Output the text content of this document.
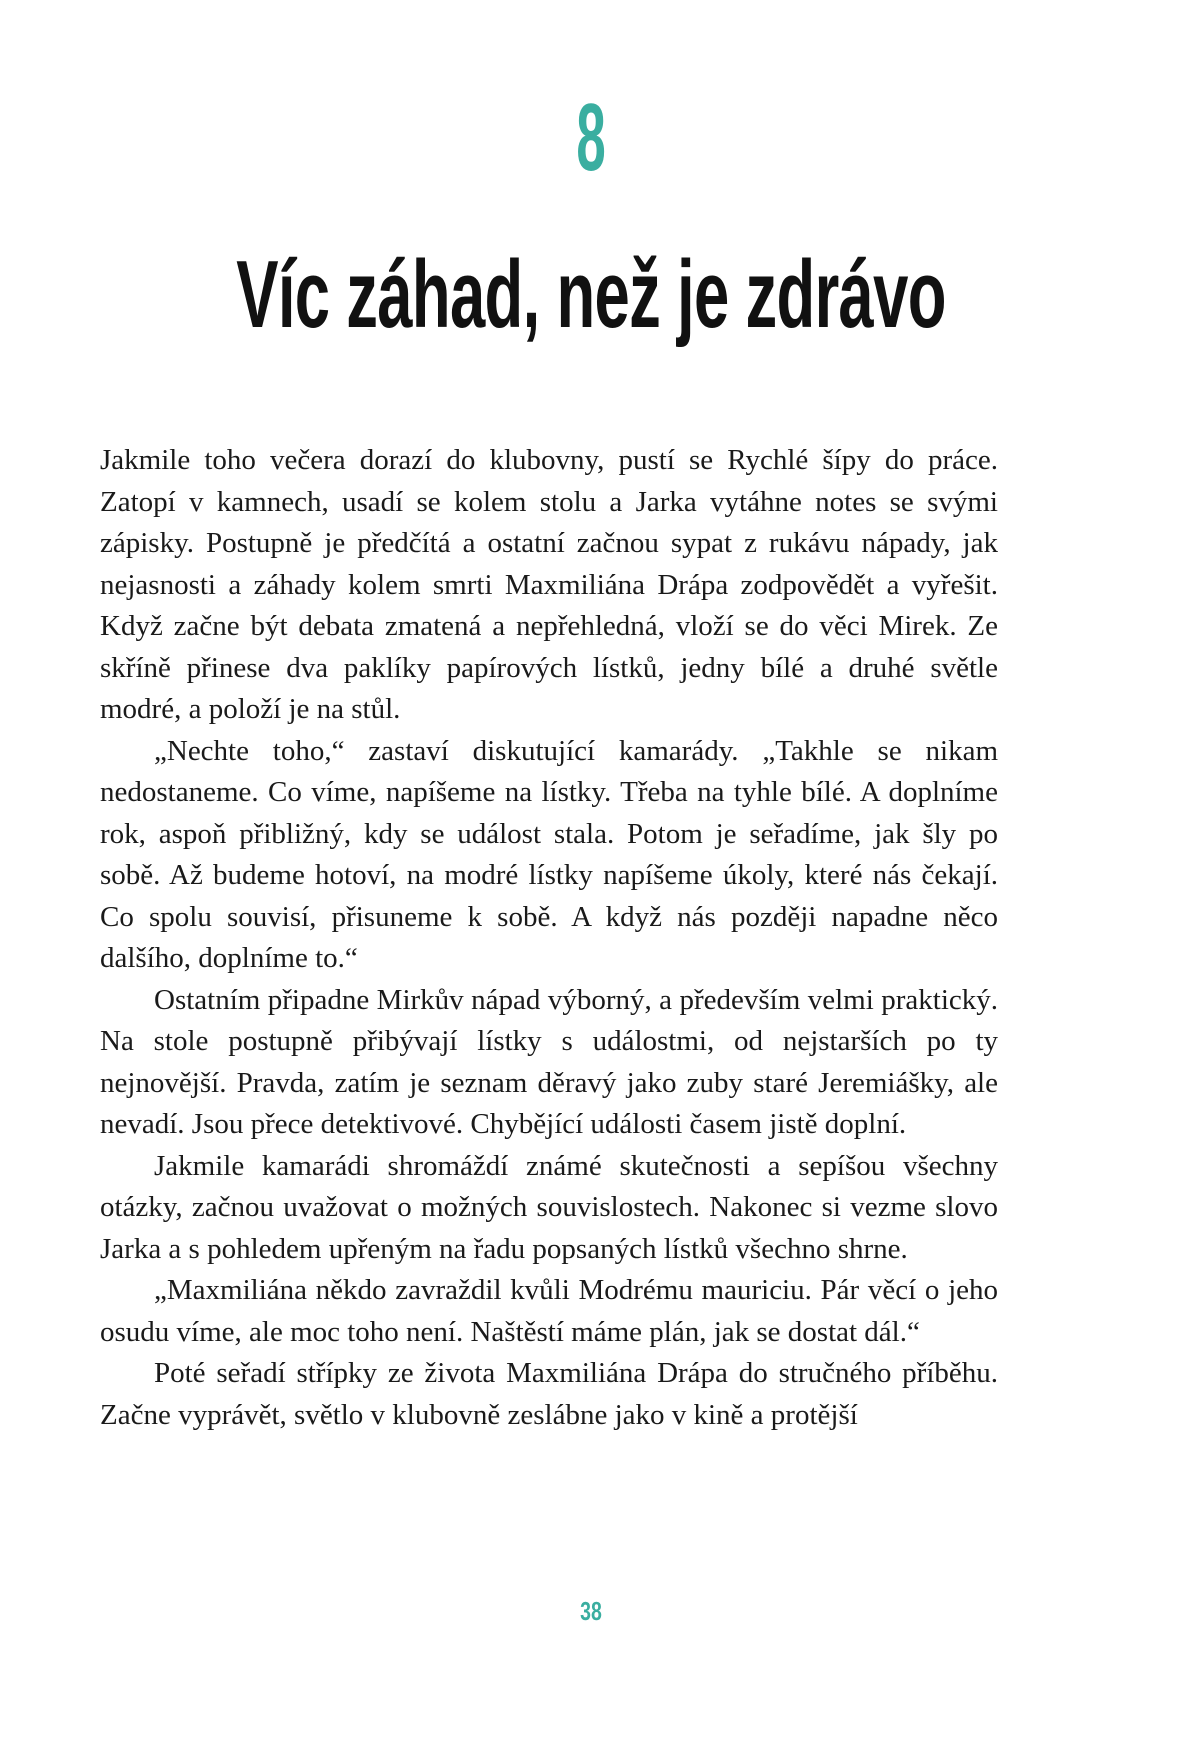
8
Víc záhad, než je zdrávo

Jakmile toho večera dorazí do klubovny, pustí se Rychlé šípy do práce. Zatopí v kamnech, usadí se kolem stolu a Jarka vytáhne notes se svými zápisky. Postupně je předčítá a ostatní začnou sypat z rukávu nápady, jak nejasnosti a záhady kolem smrti Maxmiliána Drápa zodpovědět a vyřešit. Když začne být debata zmatená a nepřehledná, vloží se do věci Mirek. Ze skříně přinese dva paklíky papírových lístků, jedny bílé a druhé světle modré, a položí je na stůl.

„Nechte toho,“ zastaví diskutující kamarády. „Takhle se nikam nedostaneme. Co víme, napíšeme na lístky. Třeba na tyhle bílé. A doplníme rok, aspoň přibližný, kdy se událost stala. Potom je seřadíme, jak šly po sobě. Až budeme hotoví, na modré lístky napíšeme úkoly, které nás čekají. Co spolu souvisí, přisuneme k sobě. A když nás později napadne něco dalšího, doplníme to.“

Ostatním připadne Mirkův nápad výborný, a především velmi praktický. Na stole postupně přibývají lístky s událostmi, od nejstarších po ty nejnovější. Pravda, zatím je seznam děravý jako zuby staré Jeremiášky, ale nevadí. Jsou přece detektivové. Chybějící události časem jistě doplní.

Jakmile kamarádi shromáždí známé skutečnosti a sepíšou všechny otázky, začnou uvažovat o možných souvislostech. Nakonec si vezme slovo Jarka a s pohledem upřeným na řadu popsaných lístků všechno shrne.

„Maxmiliána někdo zavraždil kvůli Modrému mauriciu. Pár věcí o jeho osudu víme, ale moc toho není. Naštěstí máme plán, jak se dostat dál.“

Poté seřadí střípky ze života Maxmiliána Drápa do stručného příběhu. Začne vyprávět, světlo v klubovně zeslábne jako v kině a protější

38
